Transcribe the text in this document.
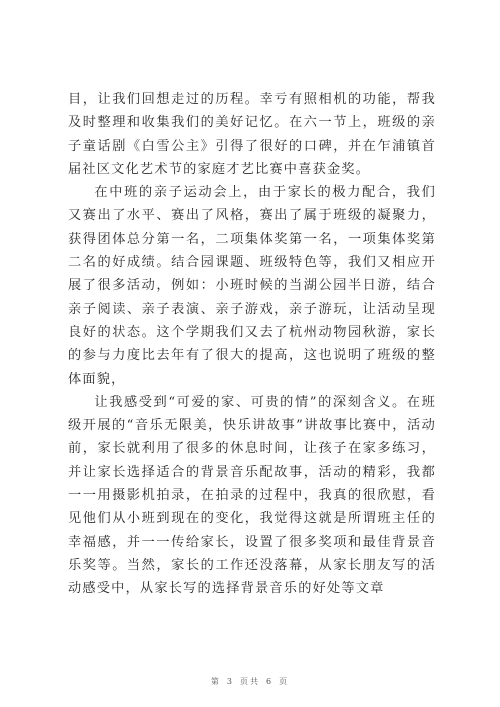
目，让我们回想走过的历程。幸亏有照相机的功能，帮我及时整理和收集我们的美好记忆。在六一节上，班级的亲子童话剧《白雪公主》引得了很好的口碑，并在乍浦镇首届社区文化艺术节的家庭才艺比赛中喜获金奖。

在中班的亲子运动会上，由于家长的极力配合，我们又赛出了水平、赛出了风格，赛出了属于班级的凝聚力，获得团体总分第一名，二项集体奖第一名，一项集体奖第二名的好成绩。结合园课题、班级特色等，我们又相应开展了很多活动，例如：小班时候的当湖公园半日游，结合亲子阅读、亲子表演、亲子游戏，亲子游玩，让活动呈现良好的状态。这个学期我们又去了杭州动物园秋游，家长的参与力度比去年有了很大的提高，这也说明了班级的整体面貌，

让我感受到“可爱的家、可贵的情”的深刻含义。在班级开展的“音乐无限美，快乐讲故事”讲故事比赛中，活动前，家长就利用了很多的休息时间，让孩子在家多练习，并让家长选择适合的背景音乐配故事，活动的精彩，我都一一用摄影机拍录，在拍录的过程中，我真的很欣慰，看见他们从小班到现在的变化，我觉得这就是所谓班主任的幸福感，并一一传给家长，设置了很多奖项和最佳背景音乐奖等。当然，家长的工作还没落幕，从家长朋友写的活动感受中，从家长写的选择背景音乐的好处等文章

第 3 页共 6 页
